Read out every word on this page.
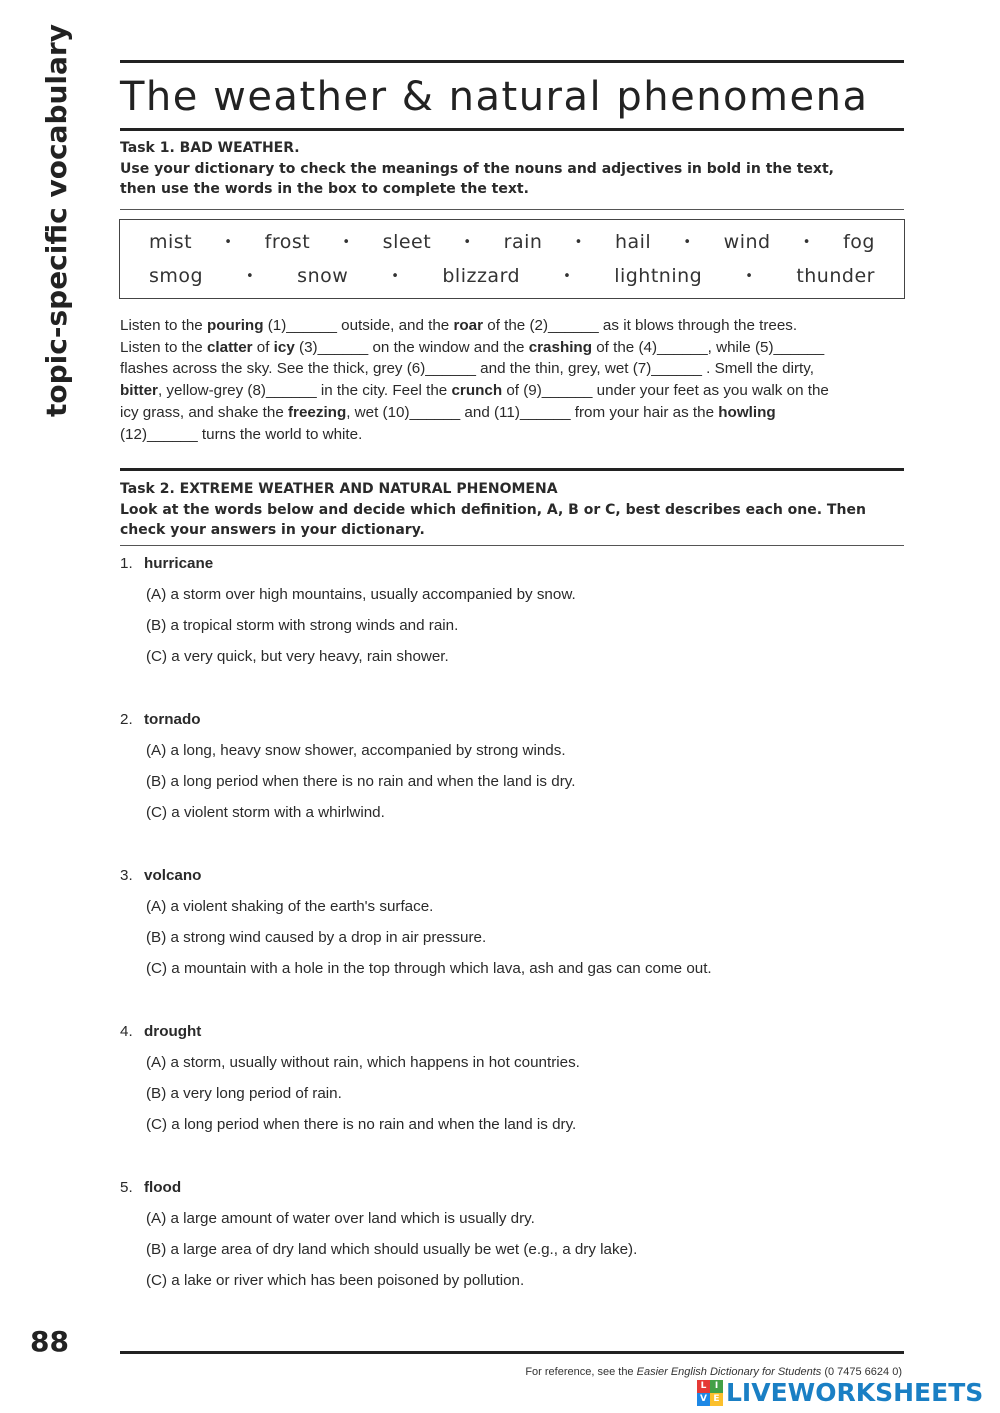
topic-specific vocabulary
88
The weather & natural phenomena
Task 1. BAD WEATHER.
Use your dictionary to check the meanings of the nouns and adjectives in bold in the text,
then use the words in the box to complete the text.
mist • frost • sleet • rain • hail • wind • fog
smog	• snow	• blizzard	• lightning	• thunder
Listen to the pouring (1)______ outside, and the roar of the (2)______ as it blows through the trees.
Listen to the clatter of icy (3)______ on the window and the crashing of the (4)______, while (5)______
flashes across the sky. See the thick, grey (6)______ and the thin, grey, wet (7)______ . Smell the dirty,
bitter, yellow-grey (8)______ in the city. Feel the crunch of (9)______ under your feet as you walk on the
icy grass, and shake the freezing, wet (10)______ and (11)______ from your hair as the howling
(12)______ turns the world to white.
Task 2. EXTREME WEATHER AND NATURAL PHENOMENA
Look at the words below and decide which definition, A, B or C, best describes each one. Then
check your answers in your dictionary.
1. hurricane
(A) a storm over high mountains, usually accompanied by snow.
(B) a tropical storm with strong winds and rain.
(C) a very quick, but very heavy, rain shower.
2. tornado
(A) a long, heavy snow shower, accompanied by strong winds.
(B) a long period when there is no rain and when the land is dry.
(C) a violent storm with a whirlwind.
3. volcano
(A) a violent shaking of the earth's surface.
(B) a strong wind caused by a drop in air pressure.
(C) a mountain with a hole in the top through which lava, ash and gas can come out.
4. drought
(A) a storm, usually without rain, which happens in hot countries.
(B) a very long period of rain.
(C) a long period when there is no rain and when the land is dry.
5. flood
(A) a large amount of water over land which is usually dry.
(B) a large area of dry land which should usually be wet (e.g., a dry lake).
(C) a lake or river which has been poisoned by pollution.
For reference, see the Easier English Dictionary for Students (0 7475 6624 0)
L I
V E LIVEWORKSHEETS
